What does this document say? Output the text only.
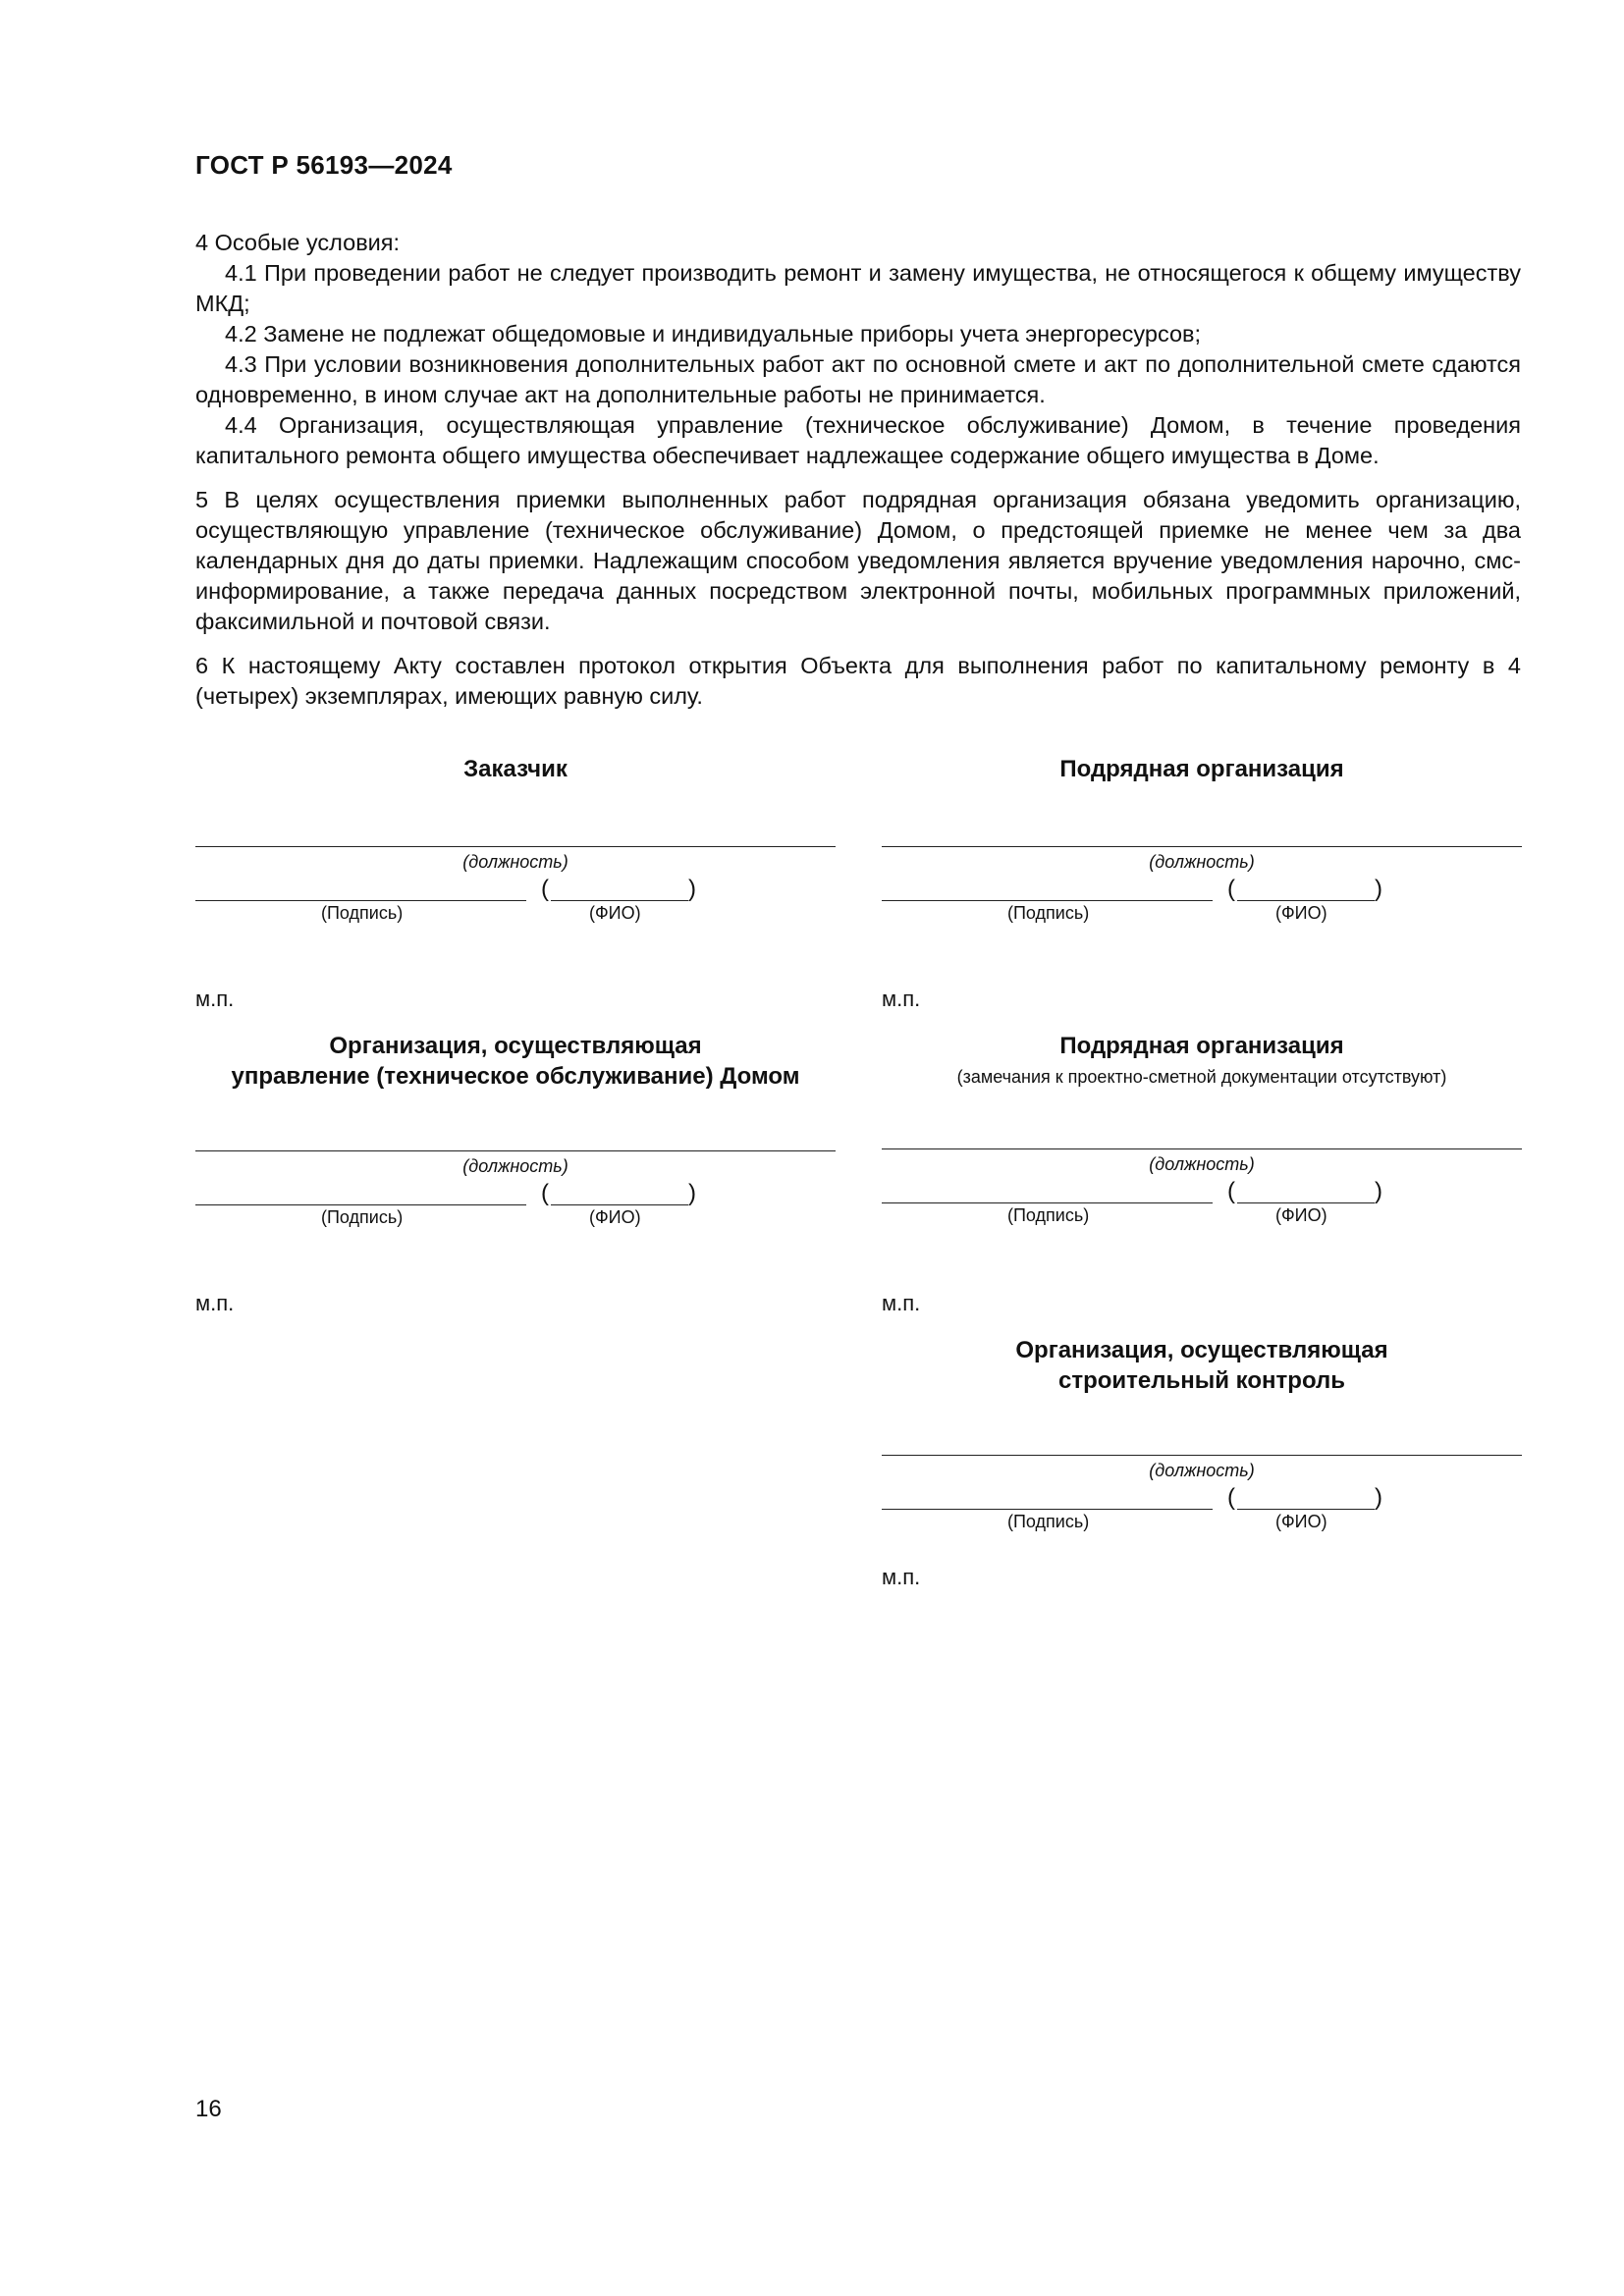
ГОСТ Р 56193—2024

4 Особые условия:

4.1 При проведении работ не следует производить ремонт и замену имущества, не относящегося к общему имуществу МКД;

4.2 Замене не подлежат общедомовые и индивидуальные приборы учета энергоресурсов;

4.3 При условии возникновения дополнительных работ акт по основной смете и акт по дополнительной смете сдаются одновременно, в ином случае акт на дополнительные работы не принимается.

4.4 Организация, осуществляющая управление (техническое обслуживание) Домом, в течение проведения капитального ремонта общего имущества обеспечивает надлежащее содержание общего имущества в Доме.

5 В целях осуществления приемки выполненных работ подрядная организация обязана уведомить организацию, осуществляющую управление (техническое обслуживание) Домом, о предстоящей приемке не менее чем за два календарных дня до даты приемки. Надлежащим способом уведомления является вручение уведомления нарочно, смс-информирование, а также передача данных посредством электронной почты, мобильных программных приложений, факсимильной и почтовой связи.

6 К настоящему Акту составлен протокол открытия Объекта для выполнения работ по капитальному ремонту в 4 (четырех) экземплярах, имеющих равную силу.

Заказчик
(должность)
(Подпись)
(	)
(ФИО)
м.п.
Подрядная организация
(должность)
(Подпись)
(	)
(ФИО)
м.п.
Организация, осуществляющая
управление (техническое обслуживание) Домом
(должность)
(Подпись)
(	)
(ФИО)
м.п.
Подрядная организация
(замечания к проектно-сметной документации отсутствуют)
(должность)
(Подпись)
(	)
(ФИО)
м.п.
Организация, осуществляющая
строительный контроль
(должность)
(Подпись)
(	)
(ФИО)
м.п.
16
